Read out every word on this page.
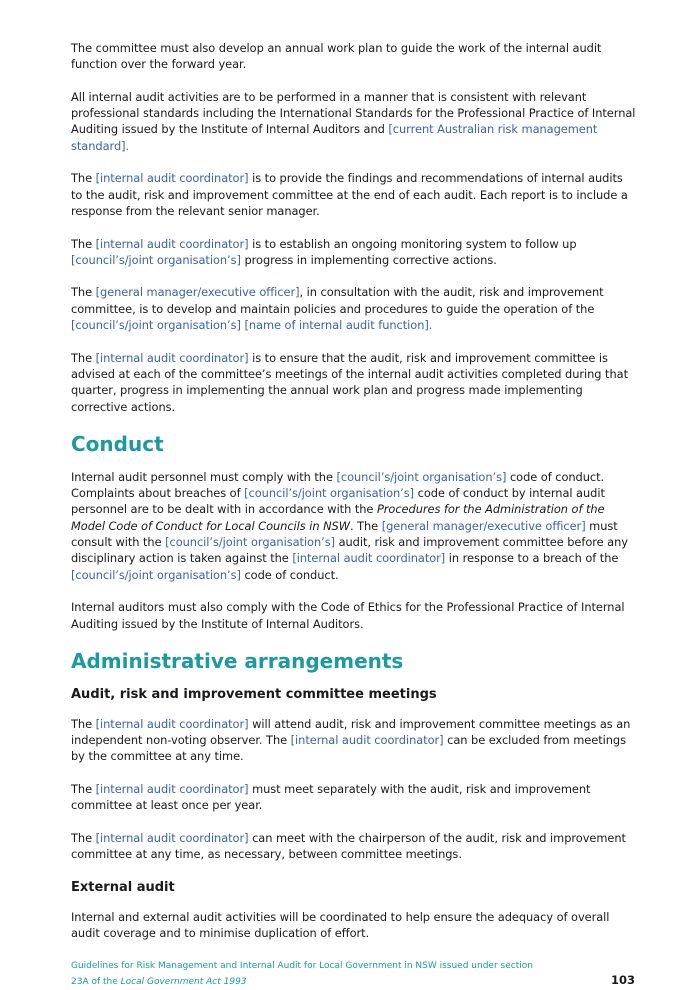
The committee must also develop an annual work plan to guide the work of the internal audit function over the forward year.

All internal audit activities are to be performed in a manner that is consistent with relevant professional standards including the International Standards for the Professional Practice of Internal Auditing issued by the Institute of Internal Auditors and [current Australian risk management standard].

The [internal audit coordinator] is to provide the findings and recommendations of internal audits to the audit, risk and improvement committee at the end of each audit. Each report is to include a response from the relevant senior manager.

The [internal audit coordinator] is to establish an ongoing monitoring system to follow up [council’s/joint organisation’s] progress in implementing corrective actions.

The [general manager/executive officer], in consultation with the audit, risk and improvement committee, is to develop and maintain policies and procedures to guide the operation of the [council’s/joint organisation’s] [name of internal audit function].

The [internal audit coordinator] is to ensure that the audit, risk and improvement committee is advised at each of the committee’s meetings of the internal audit activities completed during that quarter, progress in implementing the annual work plan and progress made implementing corrective actions.

Conduct

Internal audit personnel must comply with the [council’s/joint organisation’s] code of conduct. Complaints about breaches of [council’s/joint organisation’s] code of conduct by internal audit personnel are to be dealt with in accordance with the Procedures for the Administration of the Model Code of Conduct for Local Councils in NSW. The [general manager/executive officer] must consult with the [council’s/joint organisation’s] audit, risk and improvement committee before any disciplinary action is taken against the [internal audit coordinator] in response to a breach of the [council’s/joint organisation’s] code of conduct.

Internal auditors must also comply with the Code of Ethics for the Professional Practice of Internal Auditing issued by the Institute of Internal Auditors.

Administrative arrangements
Audit, risk and improvement committee meetings

The [internal audit coordinator] will attend audit, risk and improvement committee meetings as an independent non-voting observer. The [internal audit coordinator] can be excluded from meetings by the committee at any time.

The [internal audit coordinator] must meet separately with the audit, risk and improvement committee at least once per year.

The [internal audit coordinator] can meet with the chairperson of the audit, risk and improvement committee at any time, as necessary, between committee meetings.

External audit

Internal and external audit activities will be coordinated to help ensure the adequacy of overall audit coverage and to minimise duplication of effort.

Guidelines for Risk Management and Internal Audit for Local Government in NSW issued under section 23A of the Local Government Act 1993	103
